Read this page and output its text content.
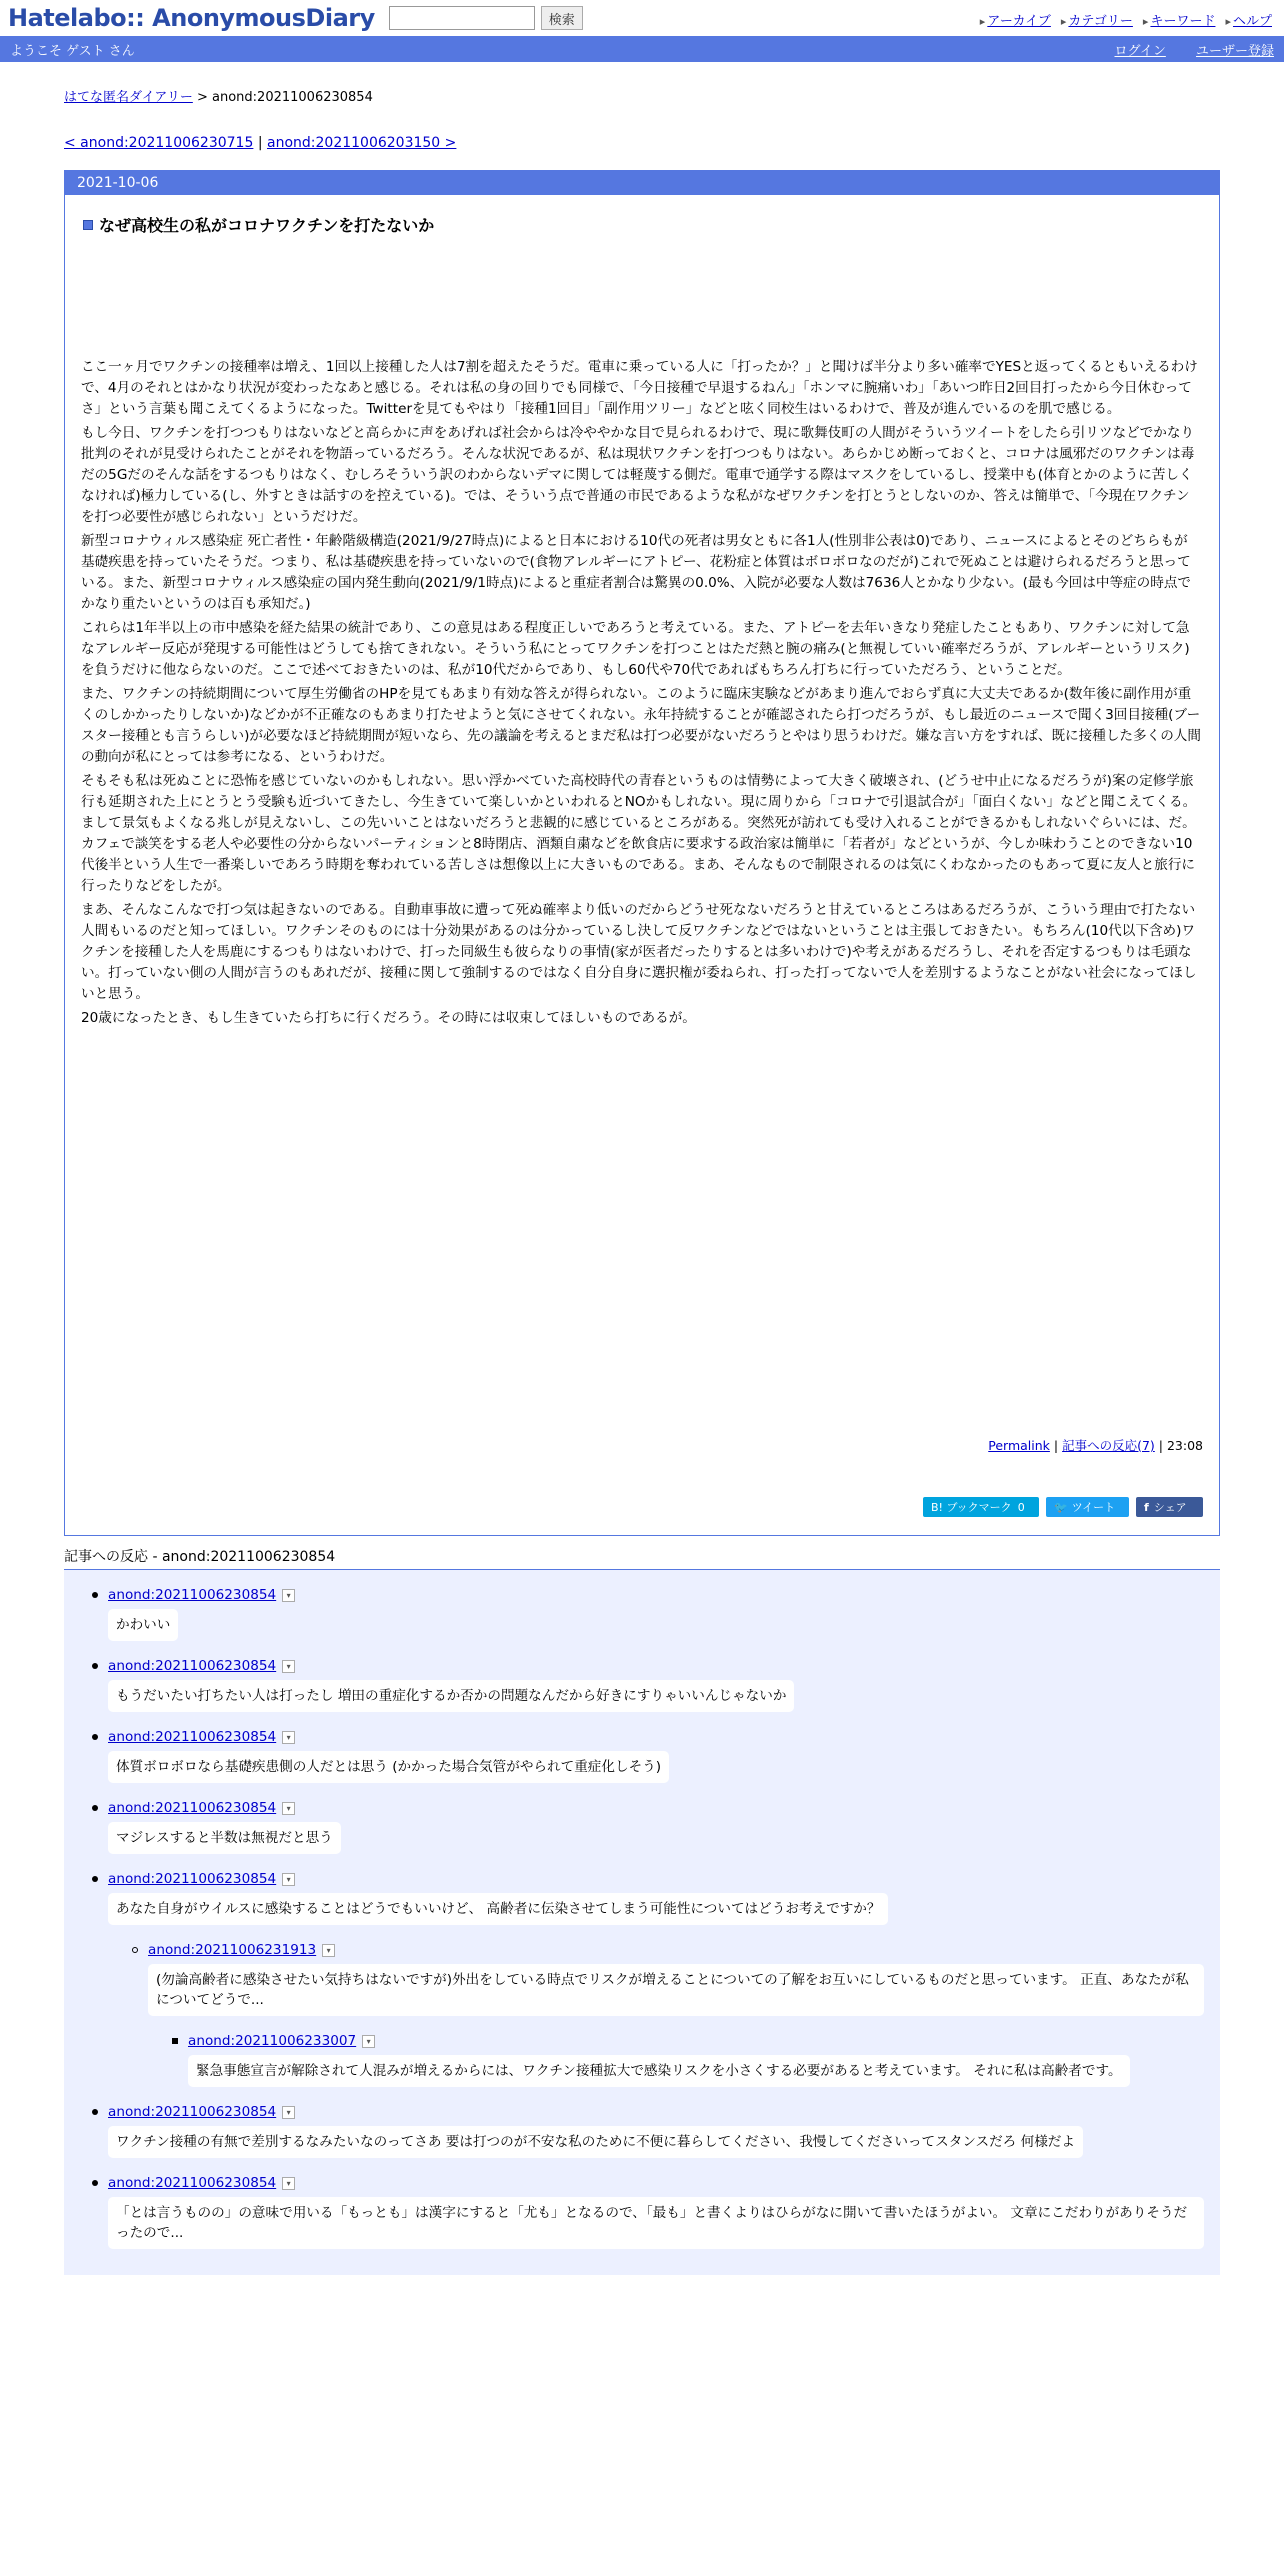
Hatelabo:: AnonymousDiary	検索	▸ アーカイブ ▸ カテゴリー ▸ キーワード ▸ ヘルプ
ようこそ ゲスト さん	ログイン ユーザー登録
はてな匿名ダイアリー > anond:20211006230854
< anond:20211006230715 | anond:20211006203150 >
2021-10-06
なぜ高校生の私がコロナワクチンを打たないか

ここ一ヶ月でワクチンの接種率は増え、1回以上接種した人は7割を超えたそうだ。電車に乗っている人に「打ったか？」と聞けば半分より多い確率でYESと返ってくるともいえるわけで、4月のそれとはかなり状況が変わったなあと感じる。それは私の身の回りでも同様で、「今日接種で早退するねん」「ホンマに腕痛いわ」「あいつ昨日2回目打ったから今日休むってさ」という言葉も聞こえてくるようになった。Twitterを見てもやはり「接種1回目」「副作用ツリー」などと呟く同校生はいるわけで、普及が進んでいるのを肌で感じる。

もし今日、ワクチンを打つつもりはないなどと高らかに声をあげれば社会からは冷ややかな目で見られるわけで、現に歌舞伎町の人間がそういうツイートをしたら引リツなどでかなり批判のそれが見受けられたことがそれを物語っているだろう。そんな状況であるが、私は現状ワクチンを打つつもりはない。あらかじめ断っておくと、コロナは風邪だのワクチンは毒だの5Gだのそんな話をするつもりはなく、むしろそういう訳のわからないデマに関しては軽蔑する側だ。電車で通学する際はマスクをしているし、授業中も(体育とかのように苦しくなければ)極力している(し、外すときは話すのを控えている)。では、そういう点で普通の市民であるような私がなぜワクチンを打とうとしないのか、答えは簡単で、「今現在ワクチンを打つ必要性が感じられない」というだけだ。

新型コロナウィルス感染症 死亡者性・年齢階級構造(2021/9/27時点)によると日本における10代の死者は男女ともに各1人(性別非公表は0)であり、ニュースによるとそのどちらもが基礎疾患を持っていたそうだ。つまり、私は基礎疾患を持っていないので(食物アレルギーにアトピー、花粉症と体質はボロボロなのだが)これで死ぬことは避けられるだろうと思っている。また、新型コロナウィルス感染症の国内発生動向(2021/9/1時点)によると重症者割合は驚異の0.0%、入院が必要な人数は7636人とかなり少ない。(最も今回は中等症の時点でかなり重たいというのは百も承知だ。)

これらは1年半以上の市中感染を経た結果の統計であり、この意見はある程度正しいであろうと考えている。また、アトピーを去年いきなり発症したこともあり、ワクチンに対して急なアレルギー反応が発現する可能性はどうしても捨てきれない。そういう私にとってワクチンを打つことはただ熱と腕の痛み(と無視していい確率だろうが、アレルギーというリスク)を負うだけに他ならないのだ。ここで述べておきたいのは、私が10代だからであり、もし60代や70代であればもちろん打ちに行っていただろう、ということだ。

また、ワクチンの持続期間について厚生労働省のHPを見てもあまり有効な答えが得られない。このように臨床実験などがあまり進んでおらず真に大丈夫であるか(数年後に副作用が重くのしかかったりしないか)などかが不正確なのもあまり打たせようと気にさせてくれない。永年持続することが確認されたら打つだろうが、もし最近のニュースで聞く3回目接種(ブースター接種とも言うらしい)が必要なほど持続期間が短いなら、先の議論を考えるとまだ私は打つ必要がないだろうとやはり思うわけだ。嫌な言い方をすれば、既に接種した多くの人間の動向が私にとっては参考になる、というわけだ。

そもそも私は死ぬことに恐怖を感じていないのかもしれない。思い浮かべていた高校時代の青春というものは情勢によって大きく破壊され、(どうせ中止になるだろうが)案の定修学旅行も延期された上にとうとう受験も近づいてきたし、今生きていて楽しいかといわれるとNOかもしれない。現に周りから「コロナで引退試合が」「面白くない」などと聞こえてくる。まして景気もよくなる兆しが見えないし、この先いいことはないだろうと悲観的に感じているところがある。突然死が訪れても受け入れることができるかもしれないぐらいには、だ。カフェで談笑をする老人や必要性の分からないパーティションと8時閉店、酒類自粛などを飲食店に要求する政治家は簡単に「若者が」などというが、今しか味わうことのできない10代後半という人生で一番楽しいであろう時期を奪われている苦しさは想像以上に大きいものである。まあ、そんなもので制限されるのは気にくわなかったのもあって夏に友人と旅行に行ったりなどをしたが。

まあ、そんなこんなで打つ気は起きないのである。自動車事故に遭って死ぬ確率より低いのだからどうせ死なないだろうと甘えているところはあるだろうが、こういう理由で打たない人間もいるのだと知ってほしい。ワクチンそのものには十分効果があるのは分かっているし決して反ワクチンなどではないということは主張しておきたい。もちろん(10代以下含め)ワクチンを接種した人を馬鹿にするつもりはないわけで、打った同級生も彼らなりの事情(家が医者だったりするとは多いわけで)や考えがあるだろうし、それを否定するつもりは毛頭ない。打っていない側の人間が言うのもあれだが、接種に関して強制するのではなく自分自身に選択権が委ねられ、打った打ってないで人を差別するようなことがない社会になってほしいと思う。

20歳になったとき、もし生きていたら打ちに行くだろう。その時には収束してほしいものであるが。

Permalink | 記事への反応(7) | 23:08
B! ブックマーク 0	🐦 ツイート	f シェア
記事への反応 - anond:20211006230854
anond:20211006230854	▾
かわいい
anond:20211006230854	▾
もうだいたい打ちたい人は打ったし 増田の重症化するか否かの問題なんだから好きにすりゃいいんじゃないか
anond:20211006230854	▾
体質ボロボロなら基礎疾患側の人だとは思う (かかった場合気管がやられて重症化しそう)
anond:20211006230854	▾
マジレスすると半数は無視だと思う
anond:20211006230854	▾
あなた自身がウイルスに感染することはどうでもいいけど、 高齢者に伝染させてしまう可能性についてはどうお考えですか？
anond:20211006231913	▾
(勿論高齢者に感染させたい気持ちはないですが)外出をしている時点でリスクが増えることについての了解をお互いにしているものだと思っています。 正直、あなたが私についてどうで...
anond:20211006233007	▾
緊急事態宣言が解除されて人混みが増えるからには、ワクチン接種拡大で感染リスクを小さくする必要があると考えています。 それに私は高齢者です。
anond:20211006230854	▾
ワクチン接種の有無で差別するなみたいなのってさあ 要は打つのが不安な私のために不便に暮らしてください、我慢してくださいってスタンスだろ 何様だよ
anond:20211006230854	▾
「とは言うものの」の意味で用いる「もっとも」は漢字にすると「尤も」となるので、「最も」と書くよりはひらがなに開いて書いたほうがよい。 文章にこだわりがありそうだったので...
